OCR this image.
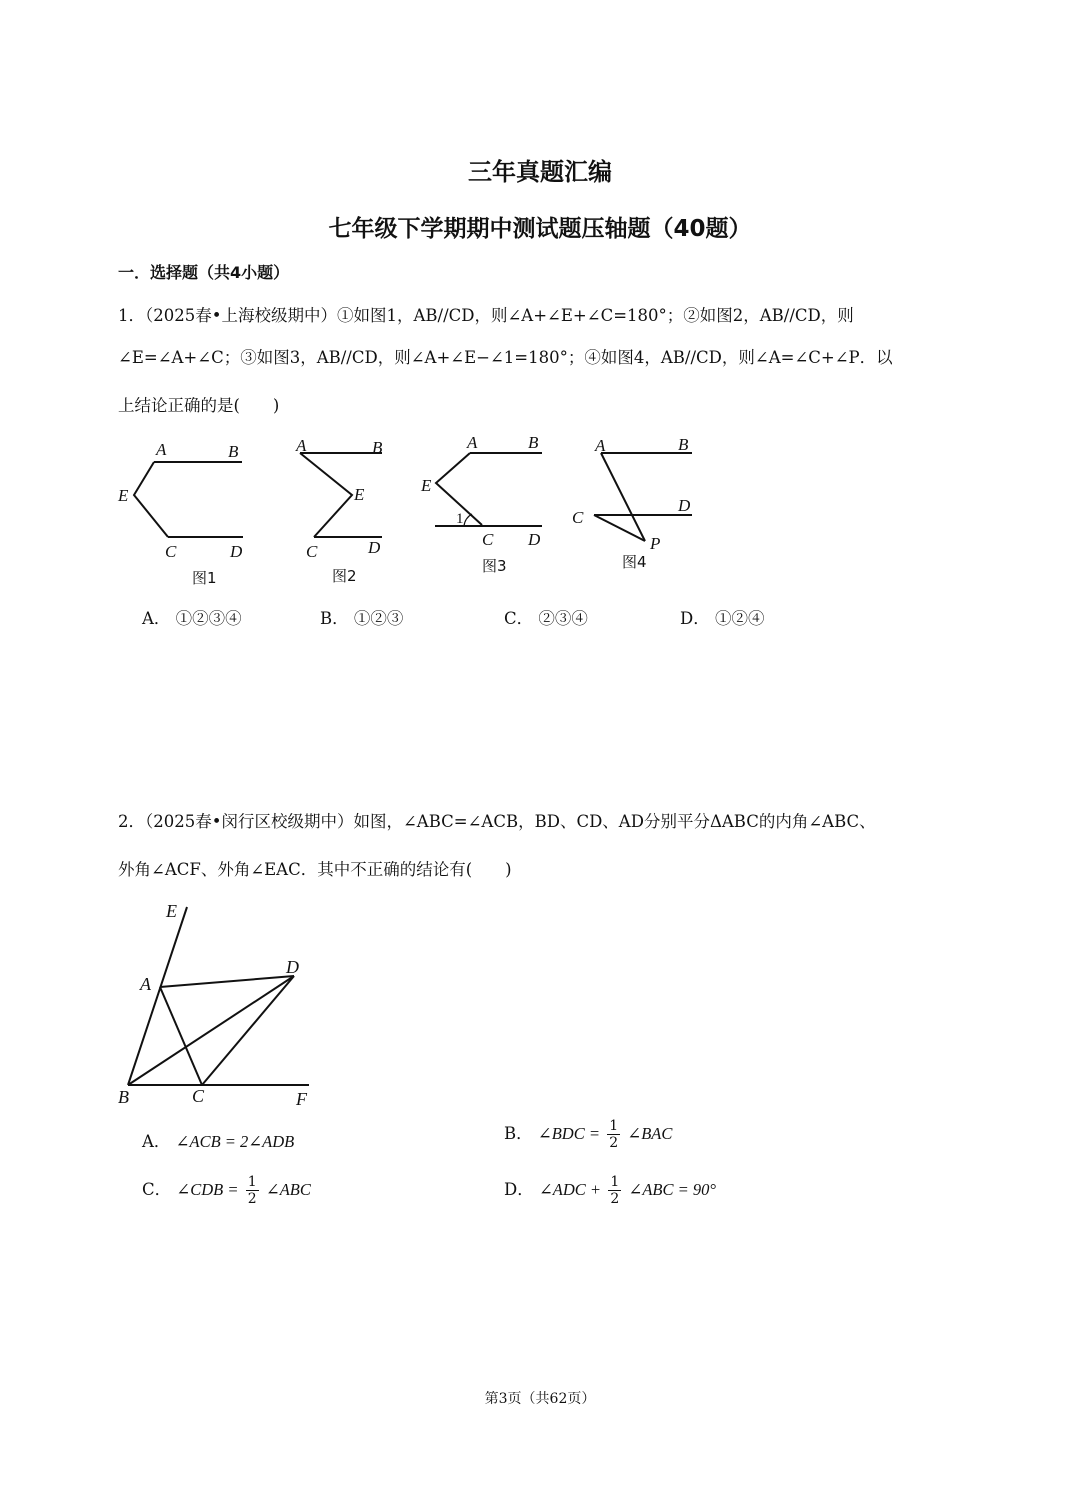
三年真题汇编
七年级下学期期中测试题压轴题（40题）
一．选择题（共4小题）
1．（2025春•上海校级期中）①如图1，AB//CD，则∠A+∠E+∠C=180°；②如图2，AB//CD，则
∠E=∠A+∠C；③如图3，AB//CD，则∠A+∠E−∠1=180°；④如图4，AB//CD，则∠A=∠C+∠P．以
上结论正确的是(　　)
A	B
E
C	D
A	B
E
C	D
A	B
E
1
C D
A	B
D
C
P
图1	图2
图3	图4
A． ①②③④	B． ①②③	C． ②③④	D． ①②④
2．（2025春•闵行区校级期中）如图，∠ABC=∠ACB，BD、CD、AD分别平分ΔABC的内角∠ABC、
外角∠ACF、外角∠EAC．其中不正确的结论有(　　)
E
A
D
B	C	F
A． ∠ACB = 2∠ADB	B． ∠BDC = $\frac{1}{2}$ ∠BAC
C． ∠CDB = $\frac{1}{2}$ ∠ABC	D． ∠ADC + $\frac{1}{2}$ ∠ABC = 90°
第3页（共62页）
